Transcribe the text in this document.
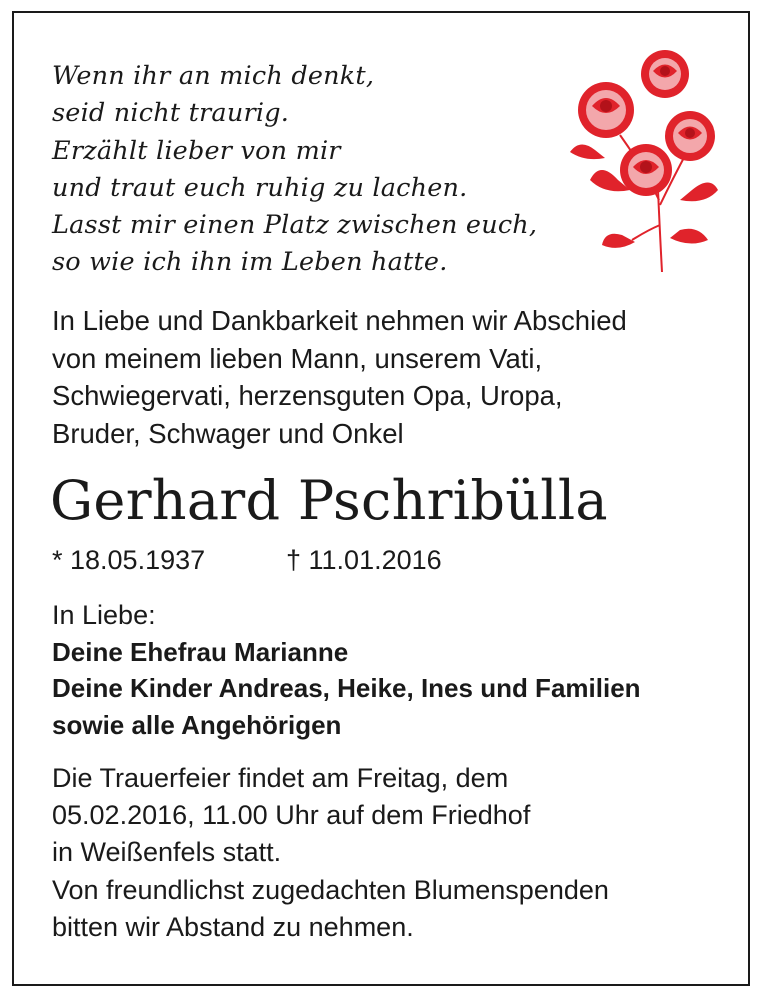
Wenn ihr an mich denkt,
seid nicht traurig.
Erzählt lieber von mir
und traut euch ruhig zu lachen.
Lasst mir einen Platz zwischen euch,
so wie ich ihn im Leben hatte.
In Liebe und Dankbarkeit nehmen wir Abschied
von meinem lieben Mann, unserem Vati,
Schwiegervati, herzensguten Opa, Uropa,
Bruder, Schwager und Onkel
Gerhard Pschribülla
* 18.05.1937	† 11.01.2016
In Liebe:
Deine Ehefrau Marianne
Deine Kinder Andreas, Heike, Ines und Familien
sowie alle Angehörigen
Die Trauerfeier findet am Freitag, dem
05.02.2016, 11.00 Uhr auf dem Friedhof
in Weißenfels statt.
Von freundlichst zugedachten Blumenspenden
bitten wir Abstand zu nehmen.
